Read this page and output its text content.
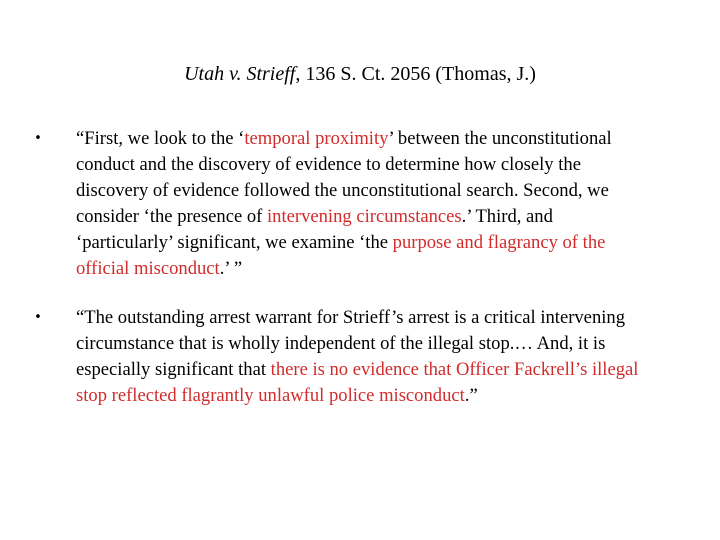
Utah v. Strieff, 136 S. Ct. 2056 (Thomas, J.)
• “First, we look to the ‘temporal proximity’ between the unconstitutional
conduct and the discovery of evidence to determine how closely the
discovery of evidence followed the unconstitutional search. Second, we
consider ‘the presence of intervening circumstances.’ Third, and
‘particularly’ significant, we examine ‘the purpose and flagrancy of the
official misconduct.’ ”
• “The outstanding arrest warrant for Strieff’s arrest is a critical intervening
circumstance that is wholly independent of the illegal stop.… And, it is
especially significant that there is no evidence that Officer Fackrell’s illegal
stop reflected flagrantly unlawful police misconduct.”
